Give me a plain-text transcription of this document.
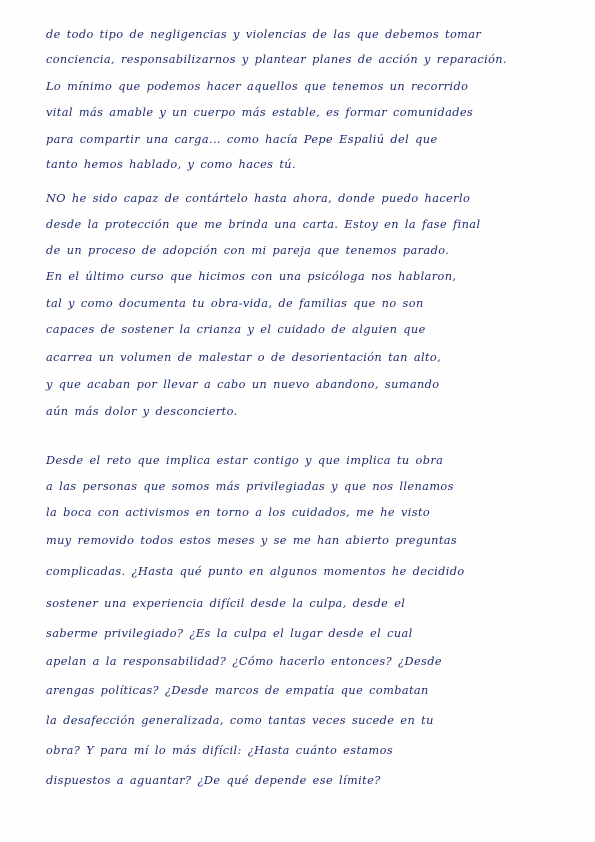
de todo tipo de negligencias y violencias de las que debemos tomar
conciencia, responsabilizarnos y plantear planes de acción y reparación.
Lo mínimo que podemos hacer aquellos que tenemos un recorrido
vital más amable y un cuerpo más estable, es formar comunidades
para compartir una carga... como hacía Pepe Espaliú del que
tanto hemos hablado, y como haces tú.
NO he sido capaz de contártelo hasta ahora, donde puedo hacerlo
desde la protección que me brinda una carta. Estoy en la fase final
de un proceso de adopción con mi pareja que tenemos parado.
En el último curso que hicimos con una psicóloga nos hablaron,
tal y como documenta tu obra-vida, de familias que no son
capaces de sostener la crianza y el cuidado de alguien que
acarrea un volumen de malestar o de desorientación tan alto,
y que acaban por llevar a cabo un nuevo abandono, sumando
aún más dolor y desconcierto.
Desde el reto que implica estar contigo y que implica tu obra
a las personas que somos más privilegiadas y que nos llenamos
la boca con activismos en torno a los cuidados, me he visto
muy removido todos estos meses y se me han abierto preguntas
complicadas. ¿Hasta qué punto en algunos momentos he decidido
sostener una experiencia difícil desde la culpa, desde el
saberme privilegiado? ¿Es la culpa el lugar desde el cual
apelan a la responsabilidad? ¿Cómo hacerlo entonces? ¿Desde
arengas políticas? ¿Desde marcos de empatía que combatan
la desafección generalizada, como tantas veces sucede en tu
obra? Y para mí lo más difícil: ¿Hasta cuánto estamos
dispuestos a aguantar? ¿De qué depende ese límite?
